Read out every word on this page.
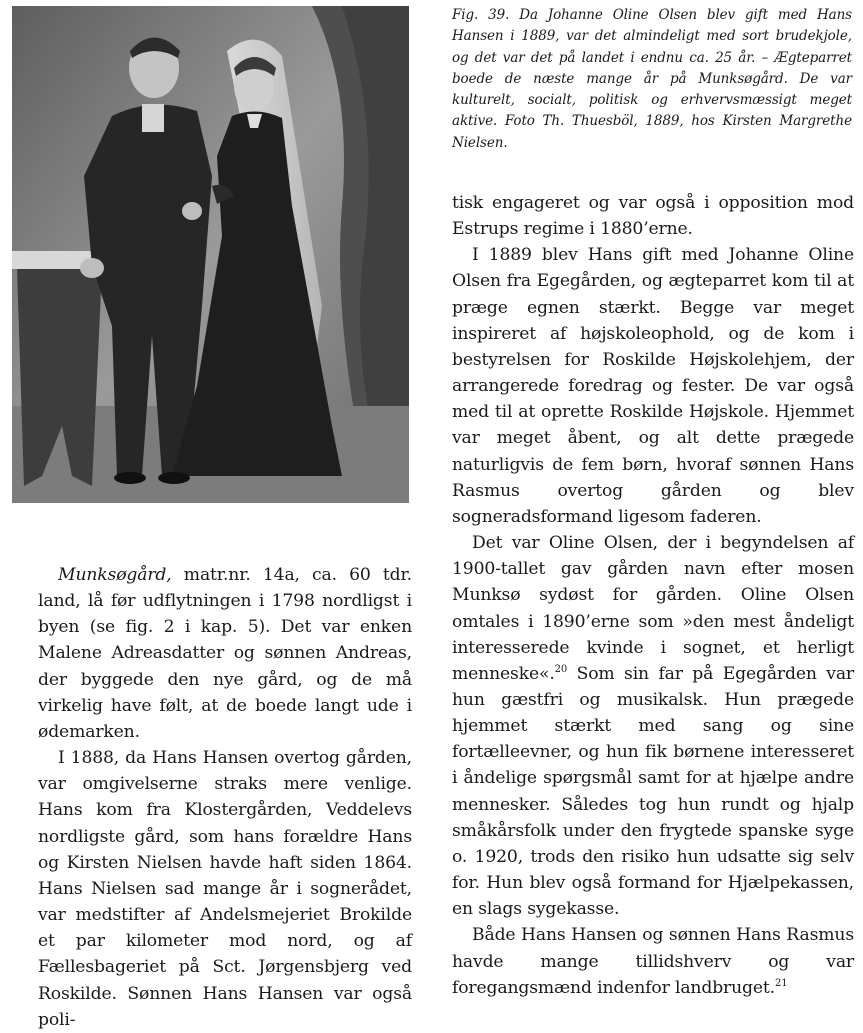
Fig. 39. Da Johanne Oline Olsen blev gift med Hans Hansen i 1889, var det almindeligt med sort brudekjole, og det var det på landet i endnu ca. 25 år. – Ægteparret boede de næste mange år på Munksøgård. De var kulturelt, socialt, politisk og erhvervsmæssigt meget aktive. Foto Th. Thuesböl, 1889, hos Kirsten Margrethe Nielsen.

Munksøgård, matr.nr. 14a, ca. 60 tdr. land, lå før udflytningen i 1798 nordligst i byen (se fig. 2 i kap. 5). Det var enken Malene Adreasdatter og sønnen Andreas, der byggede den nye gård, og de må virkelig have følt, at de boede langt ude i ødemarken.

I 1888, da Hans Hansen overtog gården, var omgivelserne straks mere venlige. Hans kom fra Klostergården, Veddelevs nordligste gård, som hans forældre Hans og Kirsten Nielsen havde haft siden 1864. Hans Nielsen sad mange år i sognerådet, var medstifter af Andelsmejeriet Brokilde et par kilometer mod nord, og af Fællesbageriet på Sct. Jørgensbjerg ved Roskilde. Sønnen Hans Hansen var også poli-

tisk engageret og var også i opposition mod Estrups regime i 1880’erne.

I 1889 blev Hans gift med Johanne Oline Olsen fra Egegården, og ægteparret kom til at præge egnen stærkt. Begge var meget inspireret af højskoleophold, og de kom i bestyrelsen for Roskilde Højskolehjem, der arrangerede foredrag og fester. De var også med til at oprette Roskilde Højskole. Hjemmet var meget åbent, og alt dette prægede naturligvis de fem børn, hvoraf sønnen Hans Rasmus overtog gården og blev sogneradsformand ligesom faderen.

Det var Oline Olsen, der i begyndelsen af 1900-tallet gav gården navn efter mosen Munksø sydøst for gården. Oline Olsen omtales i 1890’erne som »den mest åndeligt interesserede kvinde i sognet, et herligt menneske«.$^{20}$ Som sin far på Egegården var hun gæstfri og musikalsk. Hun prægede hjemmet stærkt med sang og sine fortælleevner, og hun fik børnene interesseret i åndelige spørgsmål samt for at hjælpe andre mennesker. Således tog hun rundt og hjalp småkårsfolk under den frygtede spanske syge o. 1920, trods den risiko hun udsatte sig selv for. Hun blev også formand for Hjælpekassen, en slags sygekasse.

Både Hans Hansen og sønnen Hans Rasmus havde mange tillidshverv og var foregangsmænd indenfor landbruget.$^{21}$
